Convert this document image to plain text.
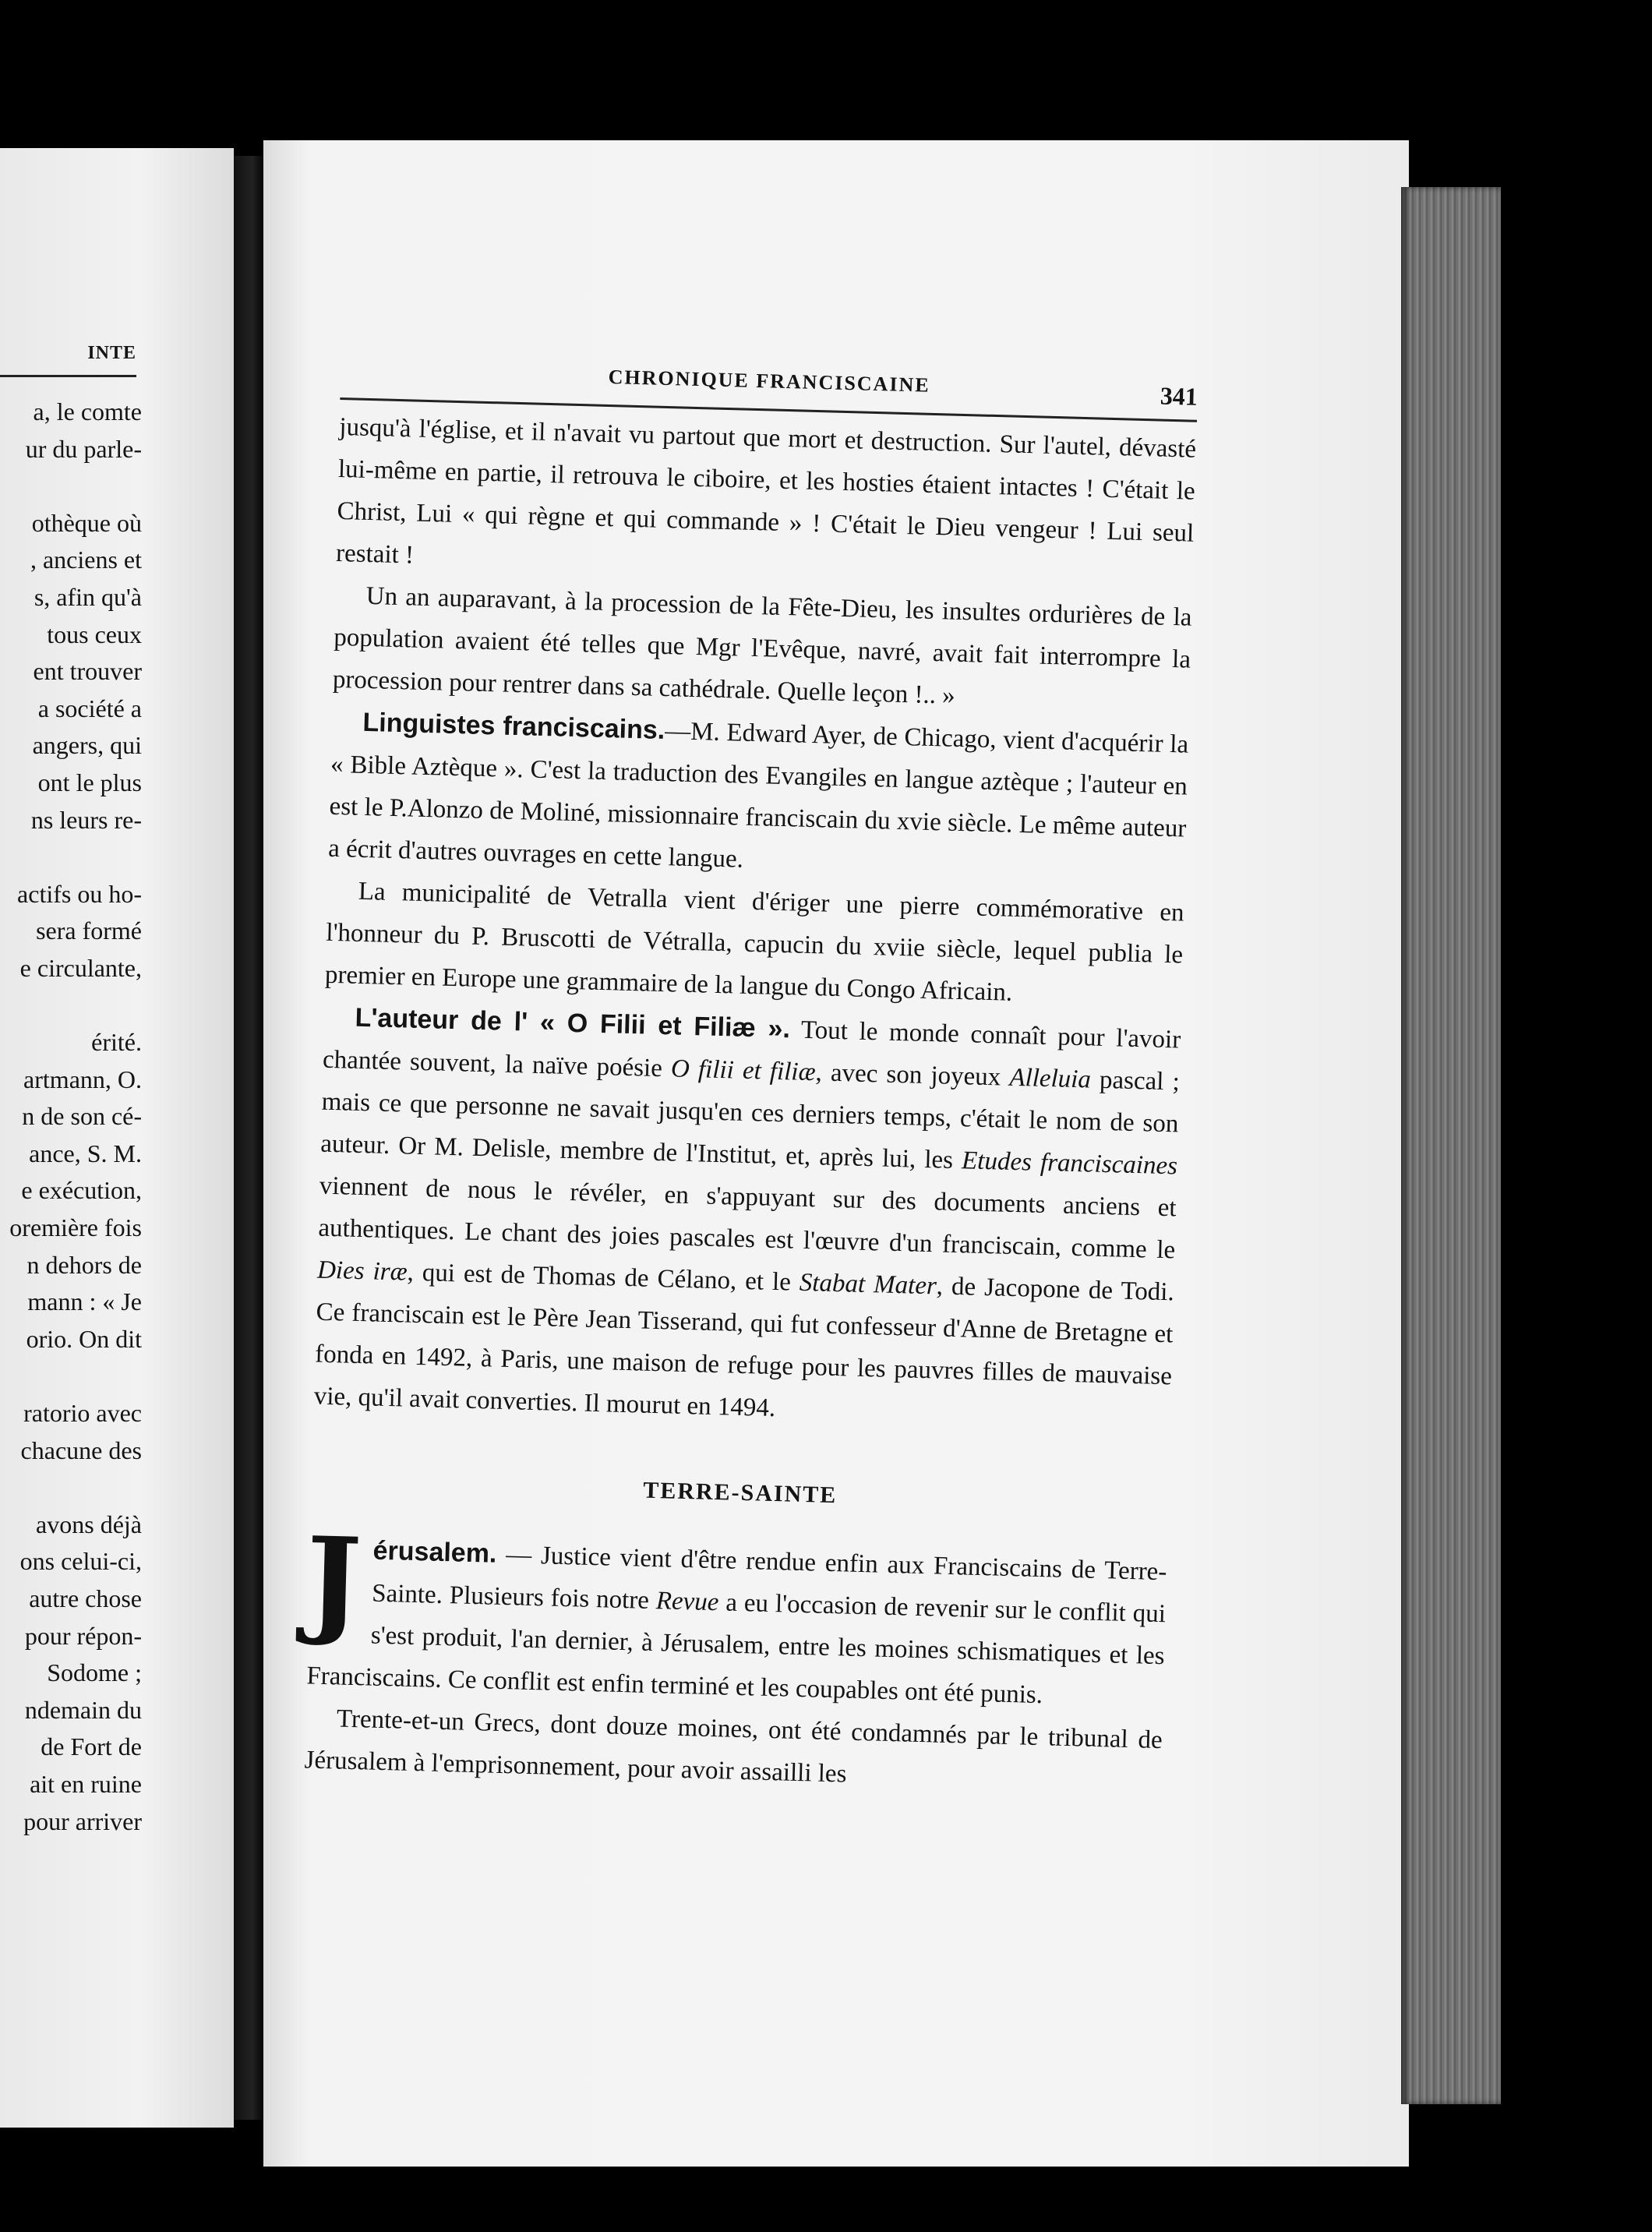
INTE
a, le comte
ur du parle-

othèque où
, anciens et
s, afin qu'à
tous ceux
ent trouver
a société a
angers, qui
ont le plus
ns leurs re-

actifs ou ho-
sera formé
e circulante,

érité.
artmann, O.
n de son cé-
ance, S. M.
e exécution,
oremière fois
n dehors de
mann : « Je
orio. On dit

ratorio avec
chacune des

avons déjà
ons celui-ci,
autre chose
pour répon-
Sodome ;
ndemain du
de Fort de
ait en ruine
pour arriver
CHRONIQUE FRANCISCAINE	341

jusqu'à l'église, et il n'avait vu partout que mort et destruction. Sur l'autel, dévasté lui-même en partie, il retrouva le ciboire, et les hosties étaient intactes ! C'était le Christ, Lui « qui règne et qui commande » ! C'était le Dieu vengeur ! Lui seul restait !

Un an auparavant, à la procession de la Fête-Dieu, les insultes ordurières de la population avaient été telles que Mgr l'Evêque, navré, avait fait interrompre la procession pour rentrer dans sa cathédrale. Quelle leçon !.. »

Linguistes franciscains.—M. Edward Ayer, de Chicago, vient d'acquérir la « Bible Aztèque ». C'est la traduction des Evangiles en langue aztèque ; l'auteur en est le P.Alonzo de Moliné, missionnaire franciscain du xvie siècle. Le même auteur a écrit d'autres ouvrages en cette langue.

La municipalité de Vetralla vient d'ériger une pierre commémorative en l'honneur du P. Bruscotti de Vétralla, capucin du xviie siècle, lequel publia le premier en Europe une grammaire de la langue du Congo Africain.

L'auteur de l' « O Filii et Filiæ ». Tout le monde connaît pour l'avoir chantée souvent, la naïve poésie O filii et filiæ, avec son joyeux Alleluia pascal ; mais ce que personne ne savait jusqu'en ces derniers temps, c'était le nom de son auteur. Or M. Delisle, membre de l'Institut, et, après lui, les Etudes franciscaines viennent de nous le révéler, en s'appuyant sur des documents anciens et authentiques. Le chant des joies pascales est l'œuvre d'un franciscain, comme le Dies iræ, qui est de Thomas de Célano, et le Stabat Mater, de Jacopone de Todi. Ce franciscain est le Père Jean Tisserand, qui fut confesseur d'Anne de Bretagne et fonda en 1492, à Paris, une maison de refuge pour les pauvres filles de mauvaise vie, qu'il avait converties. Il mourut en 1494.

TERRE-SAINTE

Jérusalem. — Justice vient d'être rendue enfin aux Franciscains de Terre-Sainte. Plusieurs fois notre Revue a eu l'occasion de revenir sur le conflit qui s'est produit, l'an dernier, à Jérusalem, entre les moines schismatiques et les Franciscains. Ce conflit est enfin terminé et les coupables ont été punis.

Trente-et-un Grecs, dont douze moines, ont été condamnés par le tribunal de Jérusalem à l'emprisonnement, pour avoir assailli les
